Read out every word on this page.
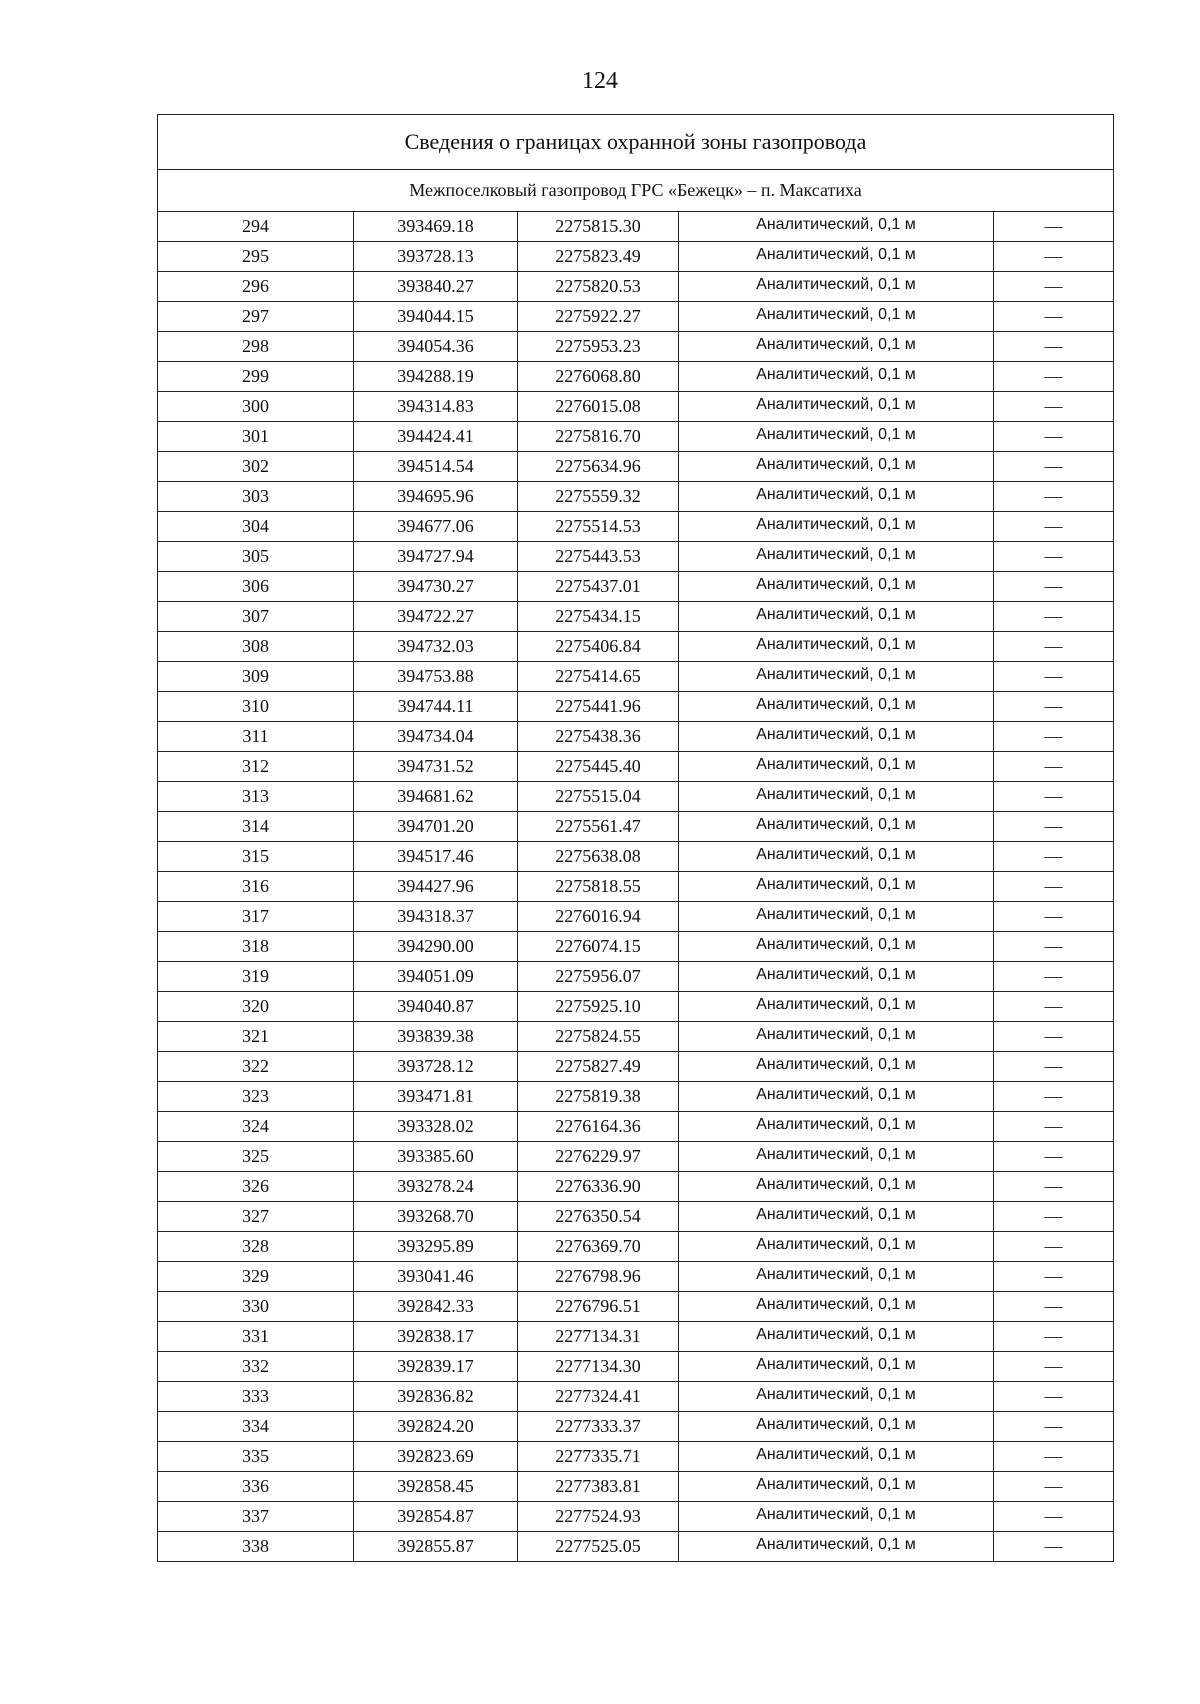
124
Сведения о границах охранной зоны газопровода				
Межпоселковый газопровод ГРС «Бежецк» – п. Максатиха				
294	393469.18	2275815.30	Аналитический, 0,1 м	—
295	393728.13	2275823.49	Аналитический, 0,1 м	—
296	393840.27	2275820.53	Аналитический, 0,1 м	—
297	394044.15	2275922.27	Аналитический, 0,1 м	—
298	394054.36	2275953.23	Аналитический, 0,1 м	—
299	394288.19	2276068.80	Аналитический, 0,1 м	—
300	394314.83	2276015.08	Аналитический, 0,1 м	—
301	394424.41	2275816.70	Аналитический, 0,1 м	—
302	394514.54	2275634.96	Аналитический, 0,1 м	—
303	394695.96	2275559.32	Аналитический, 0,1 м	—
304	394677.06	2275514.53	Аналитический, 0,1 м	—
305	394727.94	2275443.53	Аналитический, 0,1 м	—
306	394730.27	2275437.01	Аналитический, 0,1 м	—
307	394722.27	2275434.15	Аналитический, 0,1 м	—
308	394732.03	2275406.84	Аналитический, 0,1 м	—
309	394753.88	2275414.65	Аналитический, 0,1 м	—
310	394744.11	2275441.96	Аналитический, 0,1 м	—
311	394734.04	2275438.36	Аналитический, 0,1 м	—
312	394731.52	2275445.40	Аналитический, 0,1 м	—
313	394681.62	2275515.04	Аналитический, 0,1 м	—
314	394701.20	2275561.47	Аналитический, 0,1 м	—
315	394517.46	2275638.08	Аналитический, 0,1 м	—
316	394427.96	2275818.55	Аналитический, 0,1 м	—
317	394318.37	2276016.94	Аналитический, 0,1 м	—
318	394290.00	2276074.15	Аналитический, 0,1 м	—
319	394051.09	2275956.07	Аналитический, 0,1 м	—
320	394040.87	2275925.10	Аналитический, 0,1 м	—
321	393839.38	2275824.55	Аналитический, 0,1 м	—
322	393728.12	2275827.49	Аналитический, 0,1 м	—
323	393471.81	2275819.38	Аналитический, 0,1 м	—
324	393328.02	2276164.36	Аналитический, 0,1 м	—
325	393385.60	2276229.97	Аналитический, 0,1 м	—
326	393278.24	2276336.90	Аналитический, 0,1 м	—
327	393268.70	2276350.54	Аналитический, 0,1 м	—
328	393295.89	2276369.70	Аналитический, 0,1 м	—
329	393041.46	2276798.96	Аналитический, 0,1 м	—
330	392842.33	2276796.51	Аналитический, 0,1 м	—
331	392838.17	2277134.31	Аналитический, 0,1 м	—
332	392839.17	2277134.30	Аналитический, 0,1 м	—
333	392836.82	2277324.41	Аналитический, 0,1 м	—
334	392824.20	2277333.37	Аналитический, 0,1 м	—
335	392823.69	2277335.71	Аналитический, 0,1 м	—
336	392858.45	2277383.81	Аналитический, 0,1 м	—
337	392854.87	2277524.93	Аналитический, 0,1 м	—
338	392855.87	2277525.05	Аналитический, 0,1 м	—
